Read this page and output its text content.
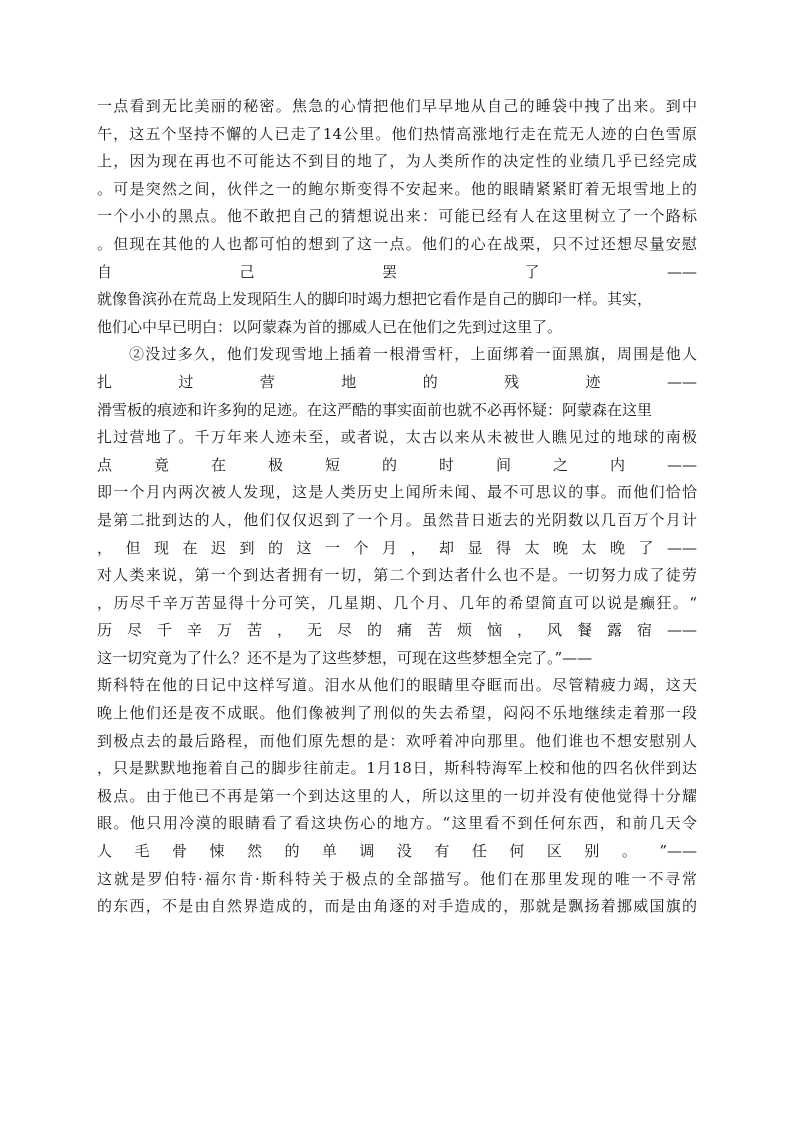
一点看到无比美丽的秘密。焦急的心情把他们早早地从自己的睡袋中拽了出来。到中
午，这五个坚持不懈的人已走了14公里。他们热情高涨地行走在荒无人迹的白色雪原
上，因为现在再也不可能达不到目的地了，为人类所作的决定性的业绩几乎已经完成
。可是突然之间，伙伴之一的鲍尔斯变得不安起来。他的眼睛紧紧盯着无垠雪地上的
一个小小的黑点。他不敢把自己的猜想说出来：可能已经有人在这里树立了一个路标
。但现在其他的人也都可怕的想到了这一点。他们的心在战栗，只不过还想尽量安慰
自 己 罢 了 ——
就像鲁滨孙在荒岛上发现陌生人的脚印时竭力想把它看作是自己的脚印一样。其实，
他们心中早已明白：以阿蒙森为首的挪威人已在他们之先到过这里了。
②没过多久，他们发现雪地上插着一根滑雪杆，上面绑着一面黑旗，周围是他人
扎 过 营 地 的 残 迹 ——
滑雪板的痕迹和许多狗的足迹。在这严酷的事实面前也就不必再怀疑：阿蒙森在这里
扎过营地了。千万年来人迹未至，或者说，太古以来从未被世人瞧见过的地球的南极
点 竟 在 极 短 的 时 间 之 内 ——
即一个月内两次被人发现，这是人类历史上闻所未闻、最不可思议的事。而他们恰恰
是第二批到达的人，他们仅仅迟到了一个月。虽然昔日逝去的光阴数以几百万个月计
， 但 现 在 迟 到 的 这 一 个 月 ， 却 显 得 太 晚 太 晚 了 ——
对人类来说，第一个到达者拥有一切，第二个到达者什么也不是。一切努力成了徒劳
，历尽千辛万苦显得十分可笑，几星期、几个月、几年的希望简直可以说是癫狂。“
历 尽 千 辛 万 苦 ， 无 尽 的 痛 苦 烦 恼 ， 风 餐 露 宿 ——
这一切究竟为了什么？还不是为了这些梦想，可现在这些梦想全完了。”——
斯科特在他的日记中这样写道。泪水从他们的眼睛里夺眶而出。尽管精疲力竭，这天
晚上他们还是夜不成眠。他们像被判了刑似的失去希望，闷闷不乐地继续走着那一段
到极点去的最后路程，而他们原先想的是：欢呼着冲向那里。他们谁也不想安慰别人
，只是默默地拖着自己的脚步往前走。1月18日，斯科特海军上校和他的四名伙伴到达
极点。由于他已不再是第一个到达这里的人，所以这里的一切并没有使他觉得十分耀
眼。他只用冷漠的眼睛看了看这块伤心的地方。“这里看不到任何东西，和前几天令
人 毛 骨 悚 然 的 单 调 没 有 任 何 区 别 。 ”——
这就是罗伯特·福尔肯·斯科特关于极点的全部描写。他们在那里发现的唯一不寻常
的东西，不是由自然界造成的，而是由角逐的对手造成的，那就是飘扬着挪威国旗的
